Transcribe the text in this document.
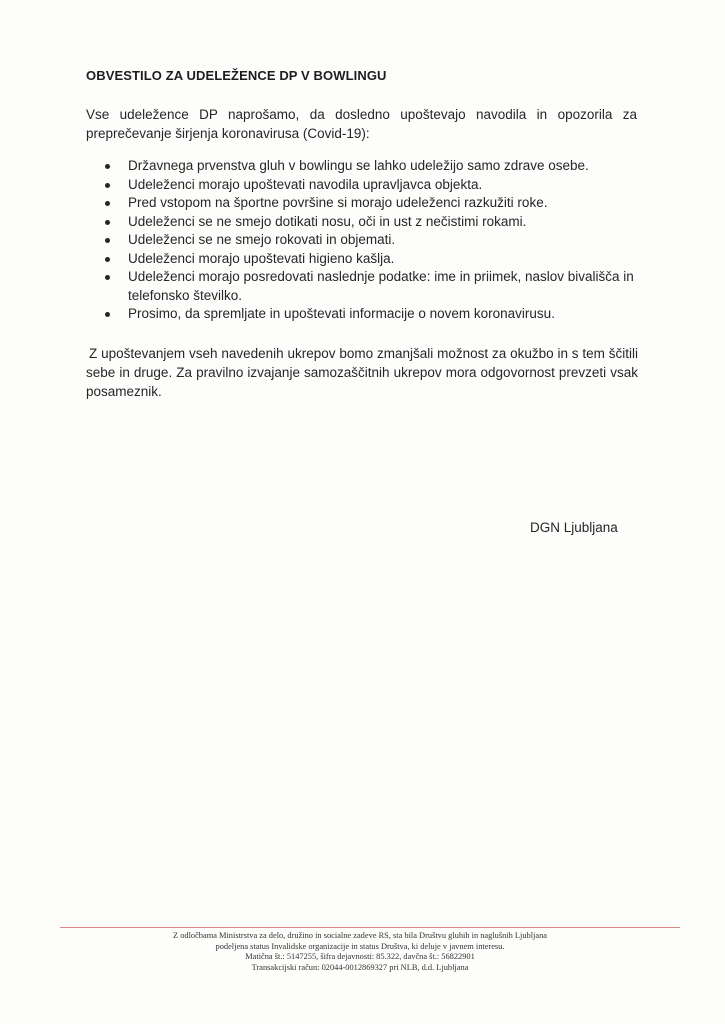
OBVESTILO ZA UDELEŽENCE DP V BOWLINGU

Vse udeležence DP naprošamo, da dosledno upoštevajo navodila in opozorila za preprečevanje širjenja koronavirusa (Covid-19):

Državnega prvenstva gluh v bowlingu se lahko udeležijo samo zdrave osebe.
Udeleženci morajo upoštevati navodila upravljavca objekta.
Pred vstopom na športne površine si morajo udeleženci razkužiti roke.
Udeleženci se ne smejo dotikati nosu, oči in ust z nečistimi rokami.
Udeleženci se ne smejo rokovati in objemati.
Udeleženci morajo upoštevati higieno kašlja.
Udeleženci morajo posredovati naslednje podatke: ime in priimek, naslov bivališča in telefonsko številko.
Prosimo, da spremljate in upoštevati informacije o novem koronavirusu.

Z upoštevanjem vseh navedenih ukrepov bomo zmanjšali možnost za okužbo in s tem ščitili sebe in druge. Za pravilno izvajanje samozaščitnih ukrepov mora odgovornost prevzeti vsak posameznik.

DGN Ljubljana

Z odločbama Ministrstva za delo, družino in socialne zadeve RS, sta bila Društvu gluhih in naglušnih Ljubljana
podeljena status Invalidske organizacije in status Društva, ki deluje v javnem interesu.
Matična št.: 5147255, šifra dejavnosti: 85.322, davčna št.: 56822901
Transakcijski račun: 02044-0012869327 pri NLB, d.d. Ljubljana
